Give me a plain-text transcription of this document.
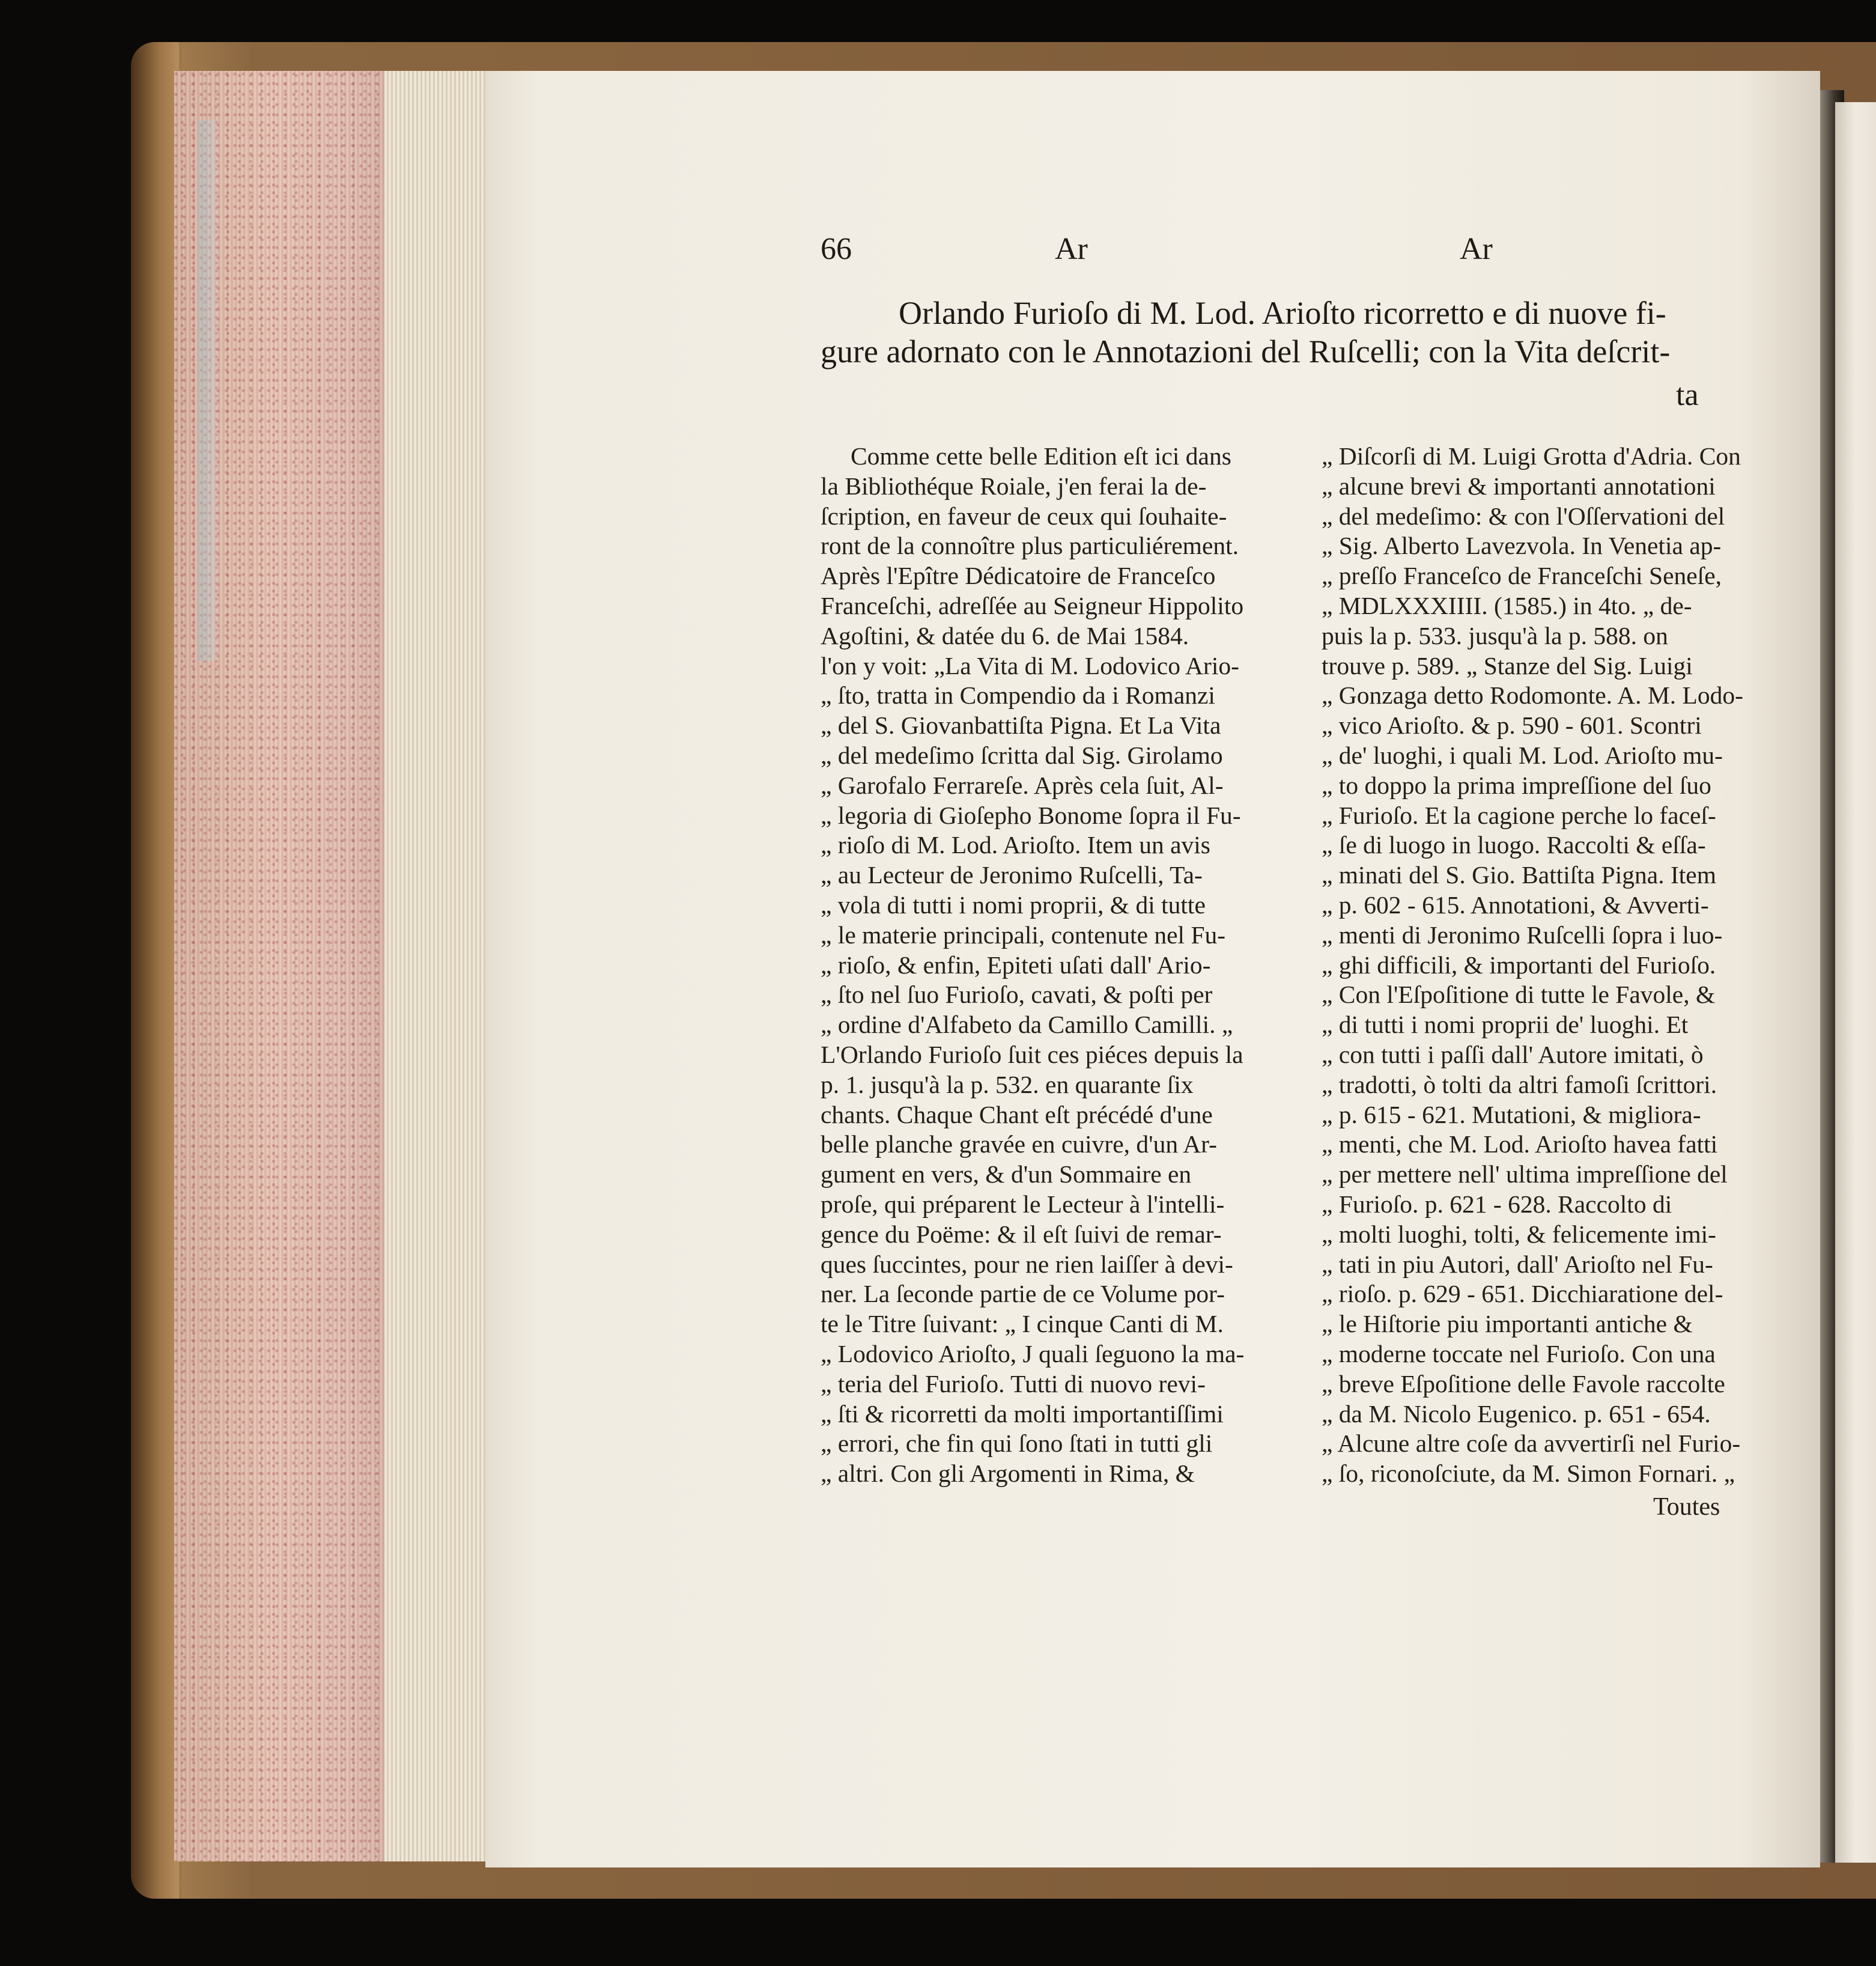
66	Ar	Ar
Orlando Furioſo di M. Lod. Arioſto ricorretto e di nuove fi-
gure adornato con le Annotazioni del Ruſcelli; con la Vita deſcrit-
ta
Comme cette belle Edition eſt ici dans
la Bibliothéque Roiale, j'en ferai la de-
ſcription, en faveur de ceux qui ſouhaite-
ront de la connoître plus particuliérement.
Après l'Epître Dédicatoire de Franceſco
Franceſchi, adreſſée au Seigneur Hippolito
Agoſtini, & datée du 6. de Mai 1584.
l'on y voit: „La Vita di M. Lodovico Ario-
„ ſto, tratta in Compendio da i Romanzi
„ del S. Giovanbattiſta Pigna. Et La Vita
„ del medeſimo ſcritta dal Sig. Girolamo
„ Garofalo Ferrareſe. Après cela ſuit, Al-
„ legoria di Gioſepho Bonome ſopra il Fu-
„ rioſo di M. Lod. Arioſto. Item un avis
„ au Lecteur de Jeronimo Ruſcelli, Ta-
„ vola di tutti i nomi proprii, & di tutte
„ le materie principali, contenute nel Fu-
„ rioſo, & enfin, Epiteti uſati dall' Ario-
„ ſto nel ſuo Furioſo, cavati, & poſti per
„ ordine d'Alfabeto da Camillo Camilli. „
L'Orlando Furioſo ſuit ces piéces depuis la
p. 1. jusqu'à la p. 532. en quarante ſix
chants. Chaque Chant eſt précédé d'une
belle planche gravée en cuivre, d'un Ar-
gument en vers, & d'un Sommaire en
proſe, qui préparent le Lecteur à l'intelli-
gence du Poëme: & il eſt ſuivi de remar-
ques ſuccintes, pour ne rien laiſſer à devi-
ner. La ſeconde partie de ce Volume por-
te le Titre ſuivant: „ I cinque Canti di M.
„ Lodovico Arioſto, J quali ſeguono la ma-
„ teria del Furioſo. Tutti di nuovo revi-
„ ſti & ricorretti da molti importantiſſimi
„ errori, che fin qui ſono ſtati in tutti gli
„ altri. Con gli Argomenti in Rima, &
„ Diſcorſi di M. Luigi Grotta d'Adria. Con
„ alcune brevi & importanti annotationi
„ del medeſimo: & con l'Oſſervationi del
„ Sig. Alberto Lavezvola. In Venetia ap-
„ preſſo Franceſco de Franceſchi Seneſe,
„ MDLXXXIIII. (1585.) in 4to. „ de-
puis la p. 533. jusqu'à la p. 588. on
trouve p. 589. „ Stanze del Sig. Luigi
„ Gonzaga detto Rodomonte. A. M. Lodo-
„ vico Arioſto. & p. 590 - 601. Scontri
„ de' luoghi, i quali M. Lod. Arioſto mu-
„ to doppo la prima impreſſione del ſuo
„ Furioſo. Et la cagione perche lo faceſ-
„ ſe di luogo in luogo. Raccolti & eſſa-
„ minati del S. Gio. Battiſta Pigna. Item
„ p. 602 - 615. Annotationi, & Avverti-
„ menti di Jeronimo Ruſcelli ſopra i luo-
„ ghi difficili, & importanti del Furioſo.
„ Con l'Eſpoſitione di tutte le Favole, &
„ di tutti i nomi proprii de' luoghi. Et
„ con tutti i paſſi dall' Autore imitati, ò
„ tradotti, ò tolti da altri famoſi ſcrittori.
„ p. 615 - 621. Mutationi, & migliora-
„ menti, che M. Lod. Arioſto havea fatti
„ per mettere nell' ultima impreſſione del
„ Furioſo. p. 621 - 628. Raccolto di
„ molti luoghi, tolti, & felicemente imi-
„ tati in piu Autori, dall' Arioſto nel Fu-
„ rioſo. p. 629 - 651. Dicchiaratione del-
„ le Hiſtorie piu importanti antiche &
„ moderne toccate nel Furioſo. Con una
„ breve Eſpoſitione delle Favole raccolte
„ da M. Nicolo Eugenico. p. 651 - 654.
„ Alcune altre coſe da avvertirſi nel Furio-
„ ſo, riconoſciute, da M. Simon Fornari. „
Toutes
